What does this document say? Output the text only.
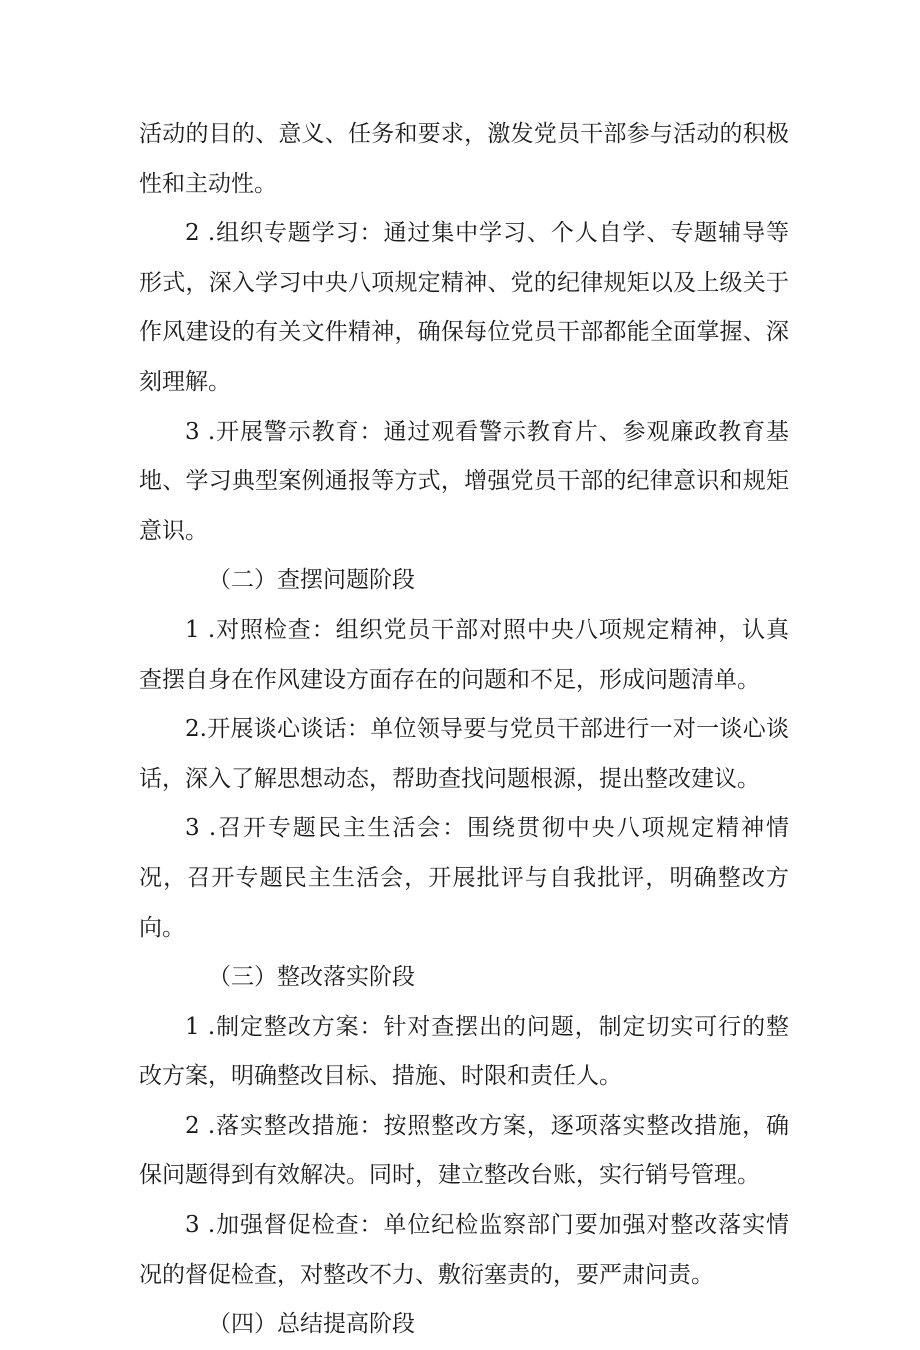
活动的目的、意义、任务和要求，激发党员干部参与活动的积极性和主动性。

2 .组织专题学习：通过集中学习、个人自学、专题辅导等形式，深入学习中央八项规定精神、党的纪律规矩以及上级关于作风建设的有关文件精神，确保每位党员干部都能全面掌握、深刻理解。

3 .开展警示教育：通过观看警示教育片、参观廉政教育基地、学习典型案例通报等方式，增强党员干部的纪律意识和规矩意识。

（二）查摆问题阶段

1 .对照检查：组织党员干部对照中央八项规定精神，认真查摆自身在作风建设方面存在的问题和不足，形成问题清单。

2.开展谈心谈话：单位领导要与党员干部进行一对一谈心谈话，深入了解思想动态，帮助查找问题根源，提出整改建议。

3 .召开专题民主生活会：围绕贯彻中央八项规定精神情况，召开专题民主生活会，开展批评与自我批评，明确整改方向。

（三）整改落实阶段

1 .制定整改方案：针对查摆出的问题，制定切实可行的整改方案，明确整改目标、措施、时限和责任人。

2 .落实整改措施：按照整改方案，逐项落实整改措施，确保问题得到有效解决。同时，建立整改台账，实行销号管理。

3 .加强督促检查：单位纪检监察部门要加强对整改落实情况的督促检查，对整改不力、敷衍塞责的，要严肃问责。

（四）总结提高阶段
